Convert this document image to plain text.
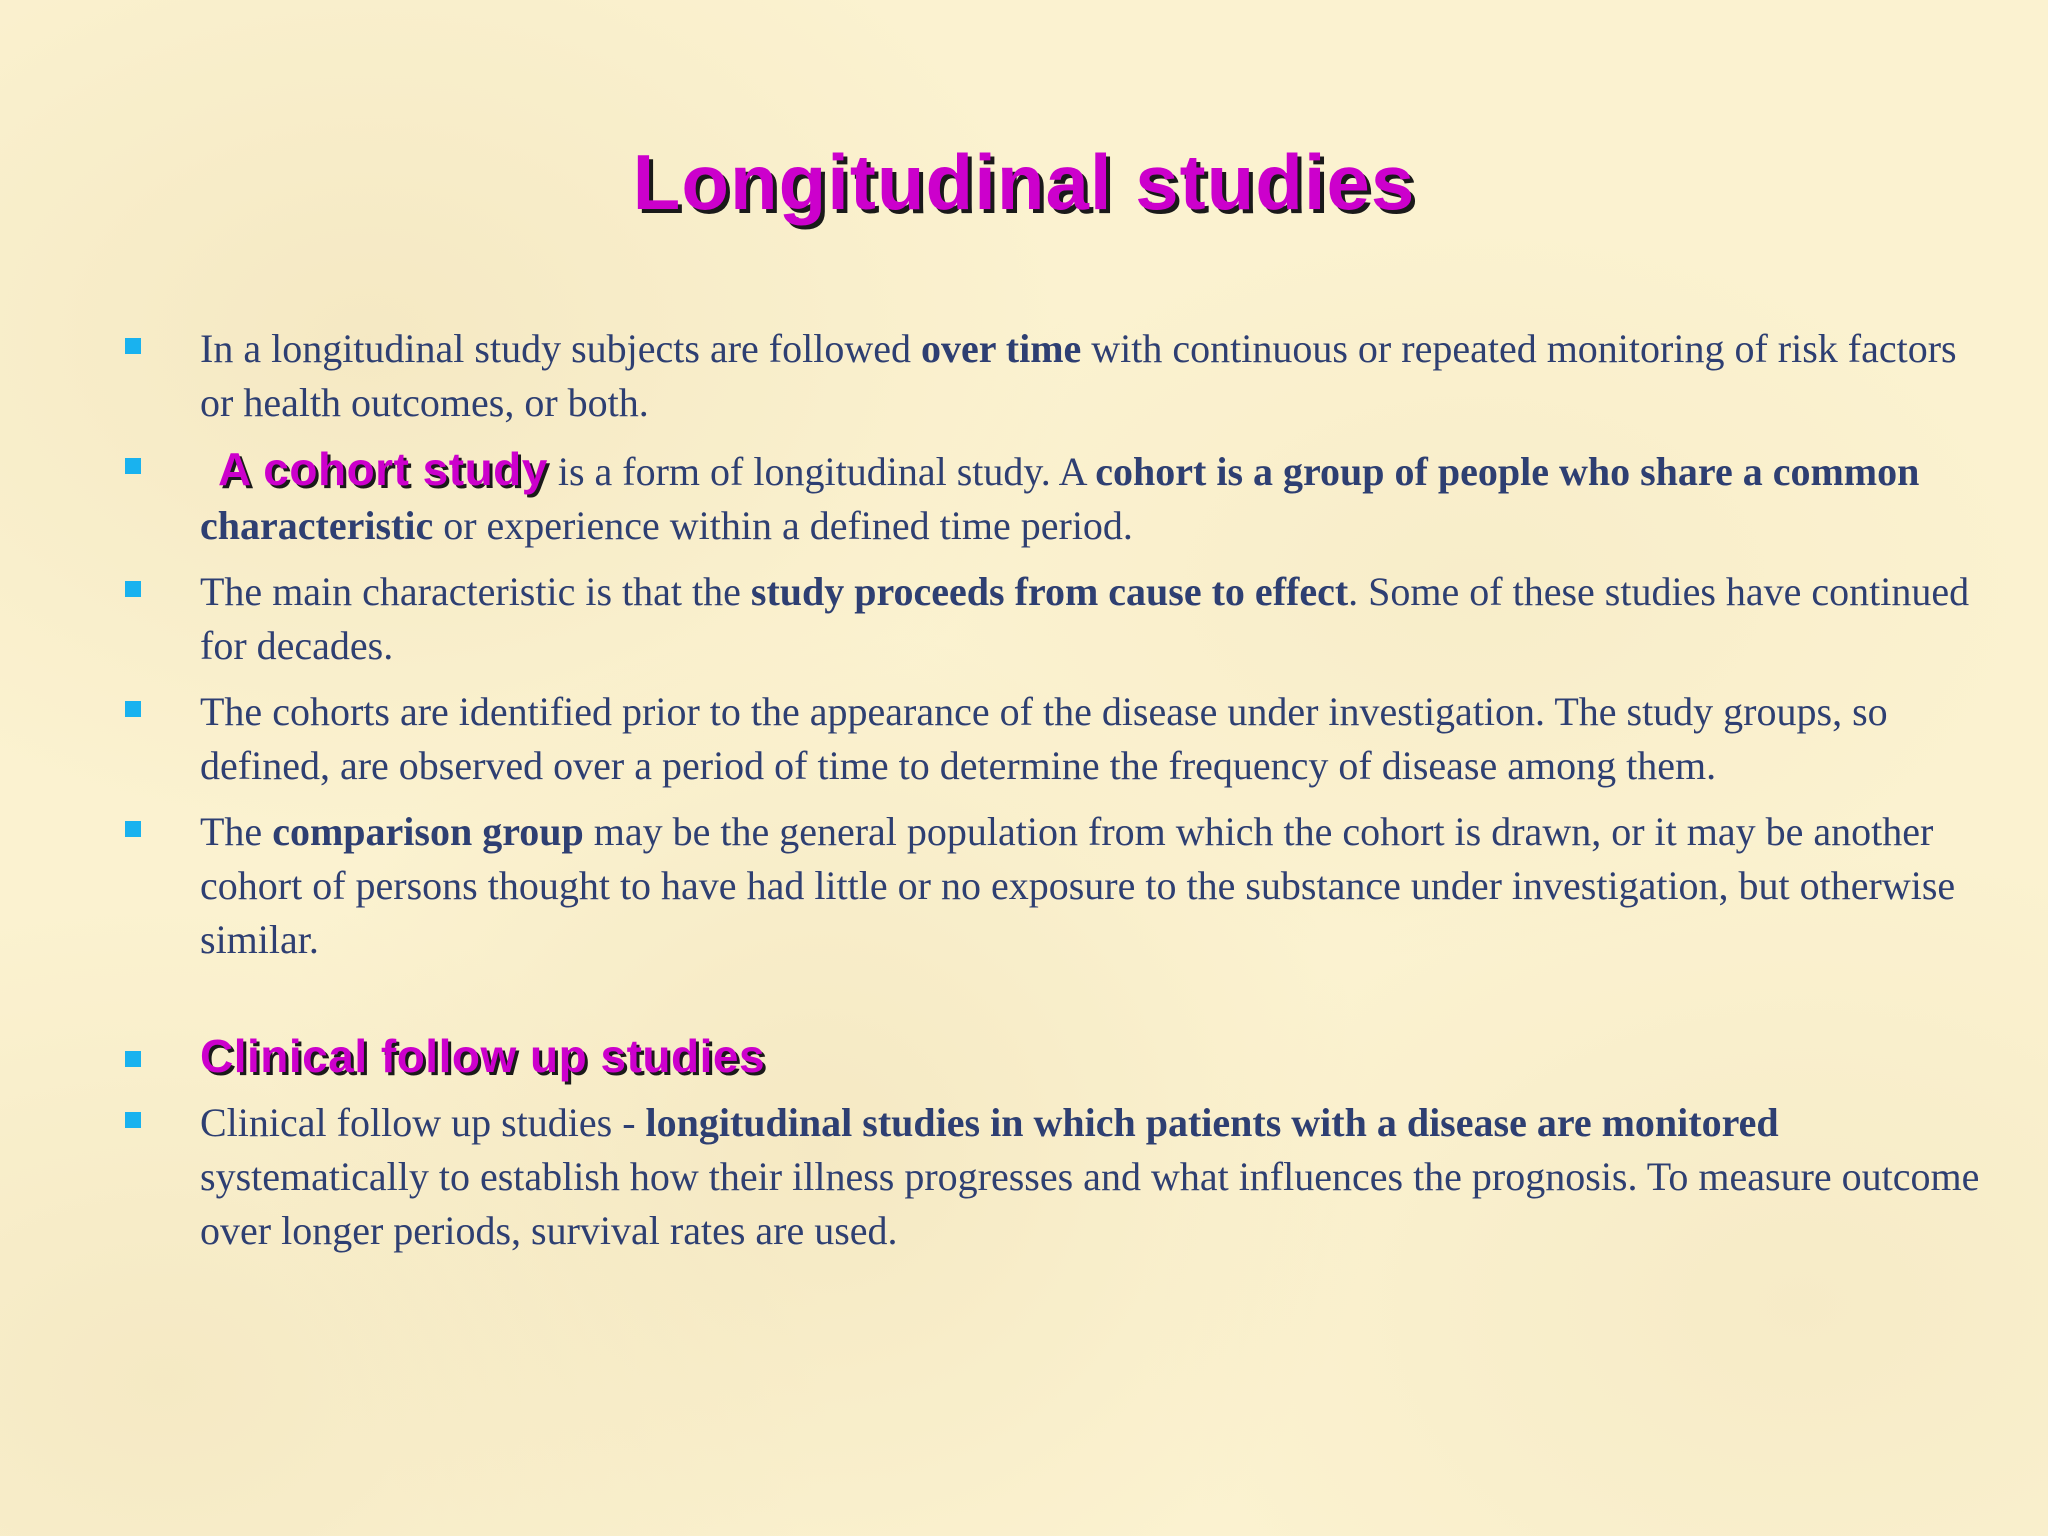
Longitudinal studies
In a longitudinal study subjects are followed over time with continuous or repeated monitoring of risk factors or health outcomes, or both.
A cohort study is a form of longitudinal study. A cohort is a group of people who share a common characteristic or experience within a defined time period.
The main characteristic is that the study proceeds from cause to effect. Some of these studies have continued for decades.
The cohorts are identified prior to the appearance of the disease under investigation. The study groups, so defined, are observed over a period of time to determine the frequency of disease among them.
The comparison group may be the general population from which the cohort is drawn, or it may be another cohort of persons thought to have had little or no exposure to the substance under investigation, but otherwise similar.
Clinical follow up studies
Clinical follow up studies - longitudinal studies in which patients with a disease are monitored systematically to establish how their illness progresses and what influences the prognosis. To measure outcome over longer periods, survival rates are used.
